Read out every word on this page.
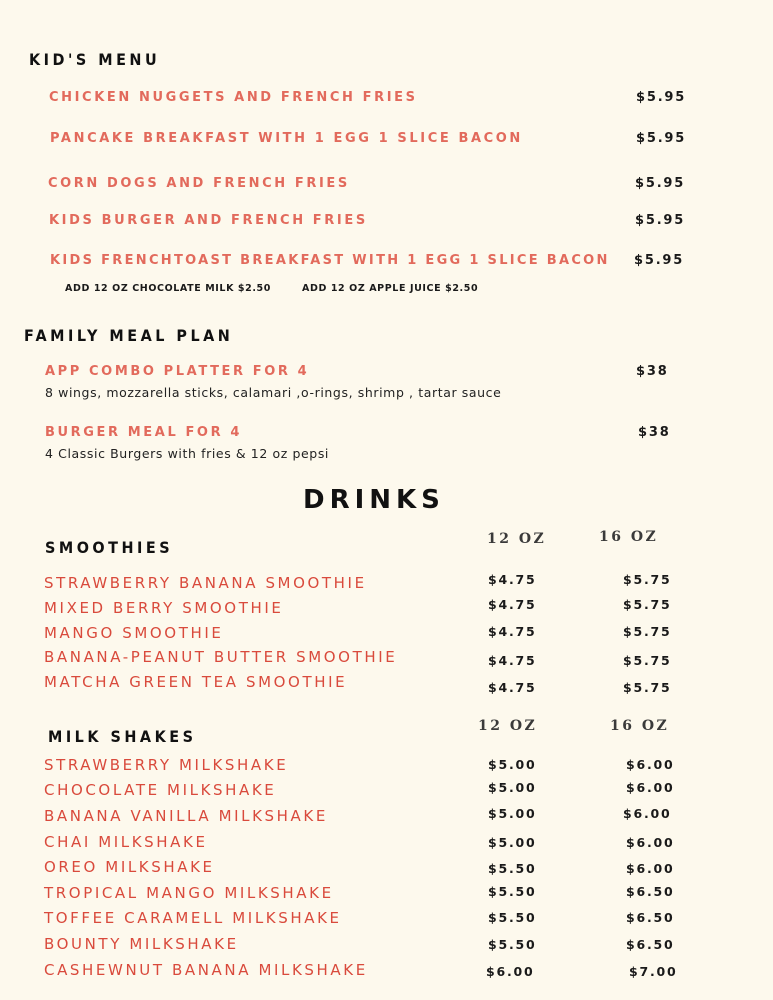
KID'S MENU
CHICKEN NUGGETS AND FRENCH FRIES	$5.95
PANCAKE BREAKFAST WITH 1 EGG 1 SLICE BACON	$5.95
CORN DOGS AND FRENCH FRIES	$5.95
KIDS BURGER AND FRENCH FRIES	$5.95
KIDS FRENCHTOAST BREAKFAST WITH 1 EGG 1 SLICE BACON $5.95
ADD 12 OZ CHOCOLATE MILK $2.50	ADD 12 OZ APPLE JUICE $2.50
FAMILY MEAL PLAN
APP COMBO PLATTER FOR 4	$38
8 wings, mozzarella sticks, calamari ,o-rings, shrimp , tartar sauce
BURGER MEAL FOR 4	$38
4 Classic Burgers with fries & 12 oz pepsi
DRINKS
SMOOTHIES	12 OZ	16 OZ
STRAWBERRY BANANA SMOOTHIE	$4.75	$5.75
MIXED BERRY SMOOTHIE	$4.75	$5.75
MANGO SMOOTHIE	$4.75	$5.75
BANANA-PEANUT BUTTER SMOOTHIE	$4.75	$5.75
MATCHA GREEN TEA SMOOTHIE	$4.75	$5.75
MILK SHAKES
12 OZ	16 OZ
STRAWBERRY MILKSHAKE	$5.00	$6.00
CHOCOLATE MILKSHAKE	$5.00	$6.00
BANANA VANILLA MILKSHAKE	$5.00	$6.00
CHAI MILKSHAKE	$5.00	$6.00
OREO MILKSHAKE	$5.50	$6.00
TROPICAL MANGO MILKSHAKE	$5.50	$6.50
TOFFEE CARAMELL MILKSHAKE	$5.50	$6.50
BOUNTY MILKSHAKE	$5.50	$6.50
CASHEWNUT BANANA MILKSHAKE	$6.00	$7.00
